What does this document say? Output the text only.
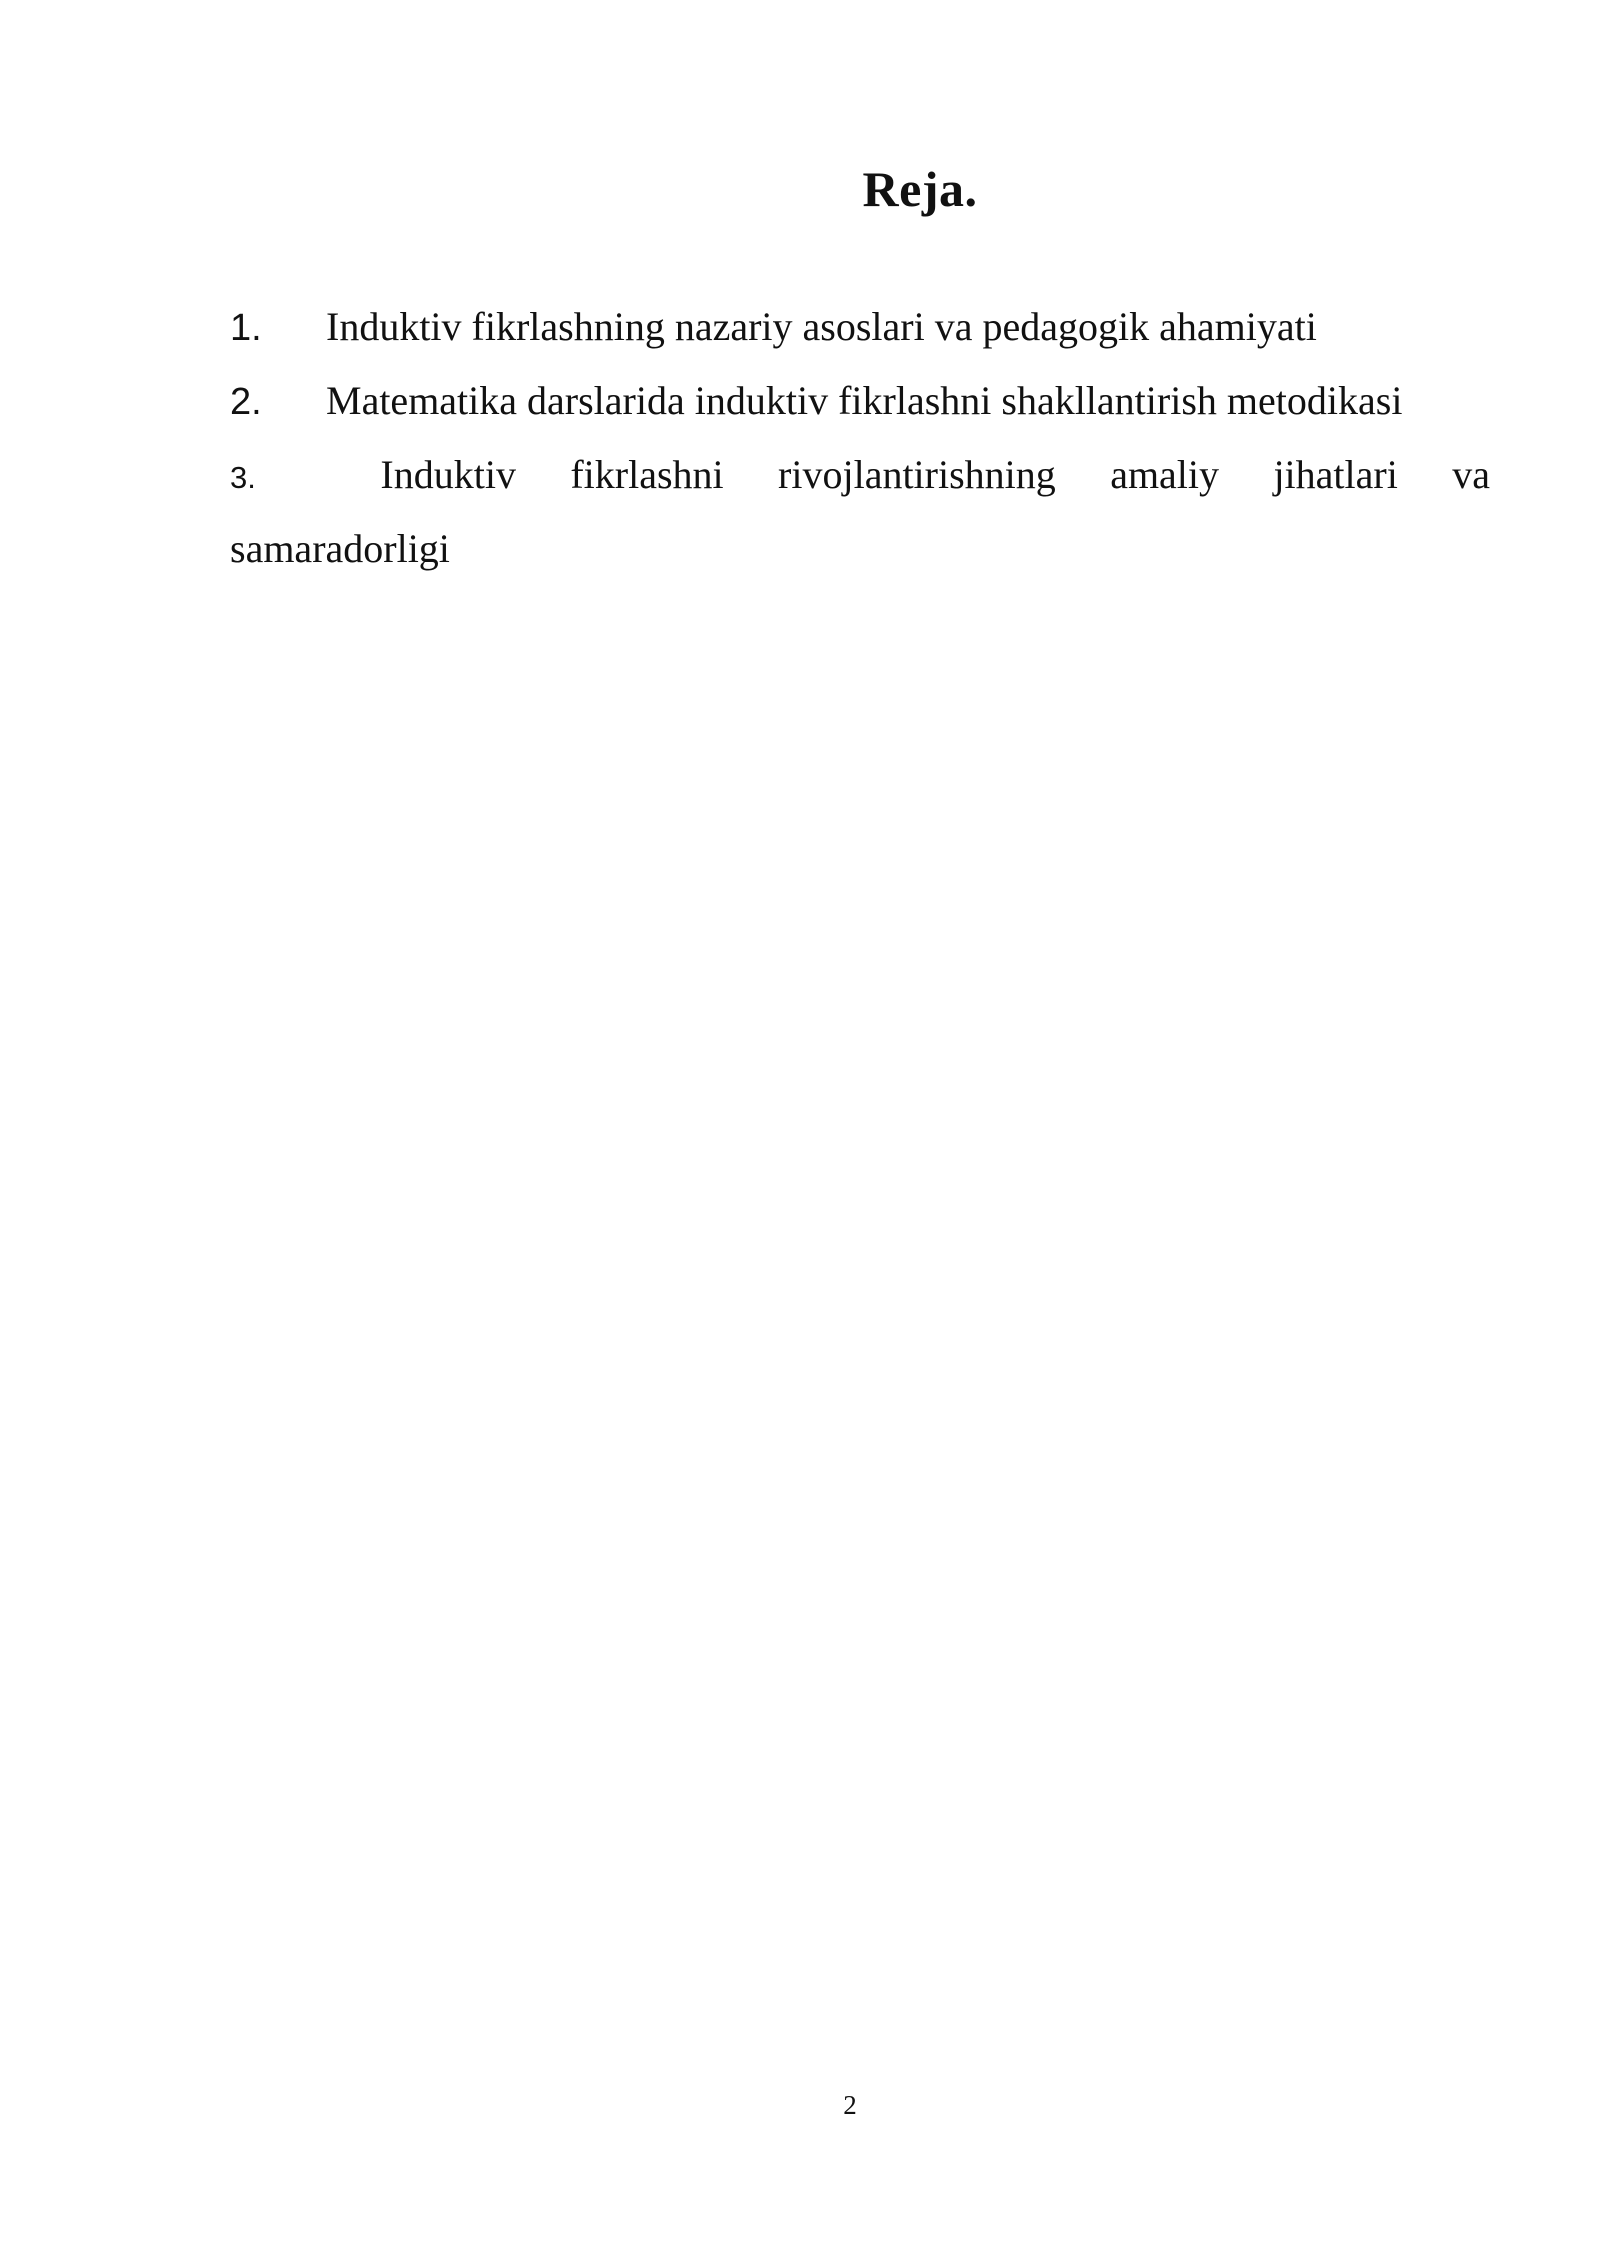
Reja.
1.	Induktiv fikrlashning nazariy asoslari va pedagogik ahamiyati
2.	Matematika darslarida induktiv fikrlashni shakllantirish metodikasi
3.	Induktiv fikrlashni rivojlantirishning amaliy jihatlari va
samaradorligi
2
